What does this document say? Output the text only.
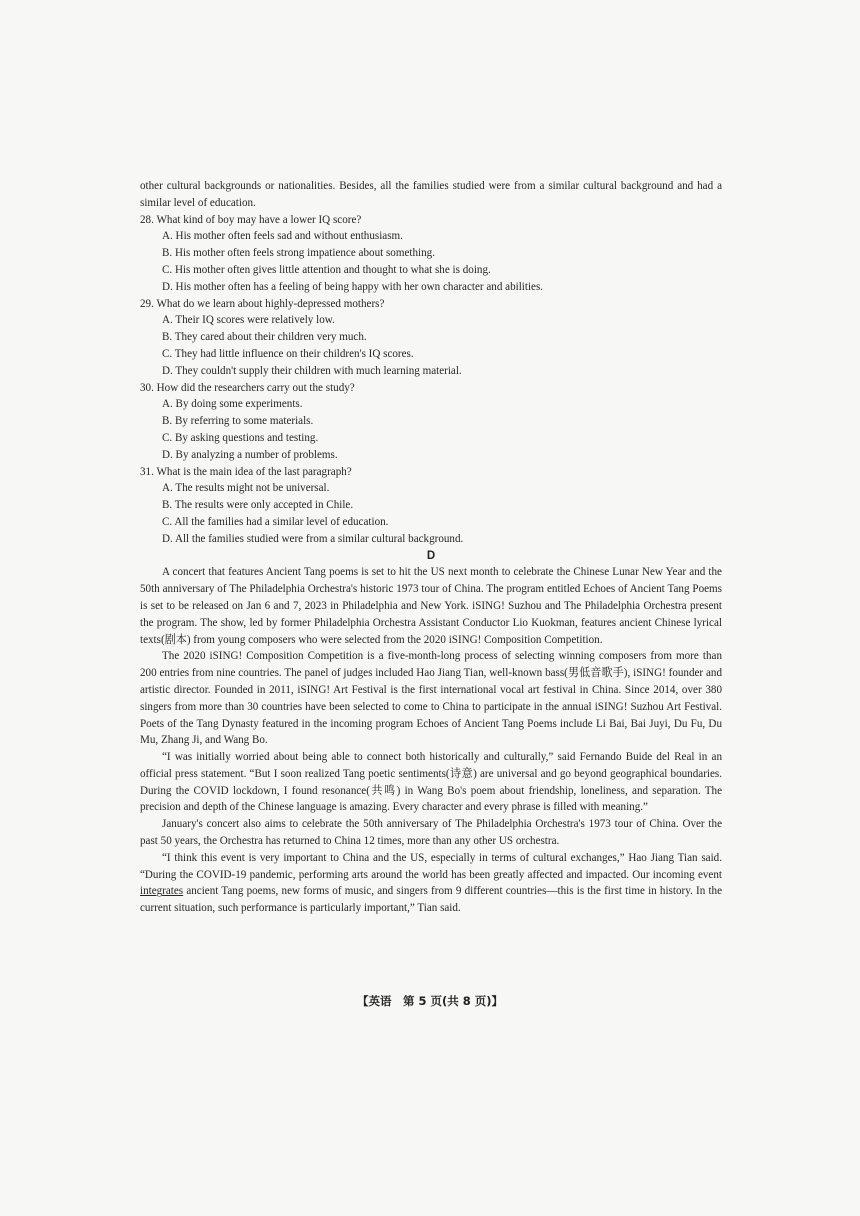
other cultural backgrounds or nationalities. Besides, all the families studied were from a similar cultural background and had a similar level of education.

28. What kind of boy may have a lower IQ score?

A. His mother often feels sad and without enthusiasm.

B. His mother often feels strong impatience about something.

C. His mother often gives little attention and thought to what she is doing.

D. His mother often has a feeling of being happy with her own character and abilities.

29. What do we learn about highly-depressed mothers?

A. Their IQ scores were relatively low.

B. They cared about their children very much.

C. They had little influence on their children's IQ scores.

D. They couldn't supply their children with much learning material.

30. How did the researchers carry out the study?

A. By doing some experiments.

B. By referring to some materials.

C. By asking questions and testing.

D. By analyzing a number of problems.

31. What is the main idea of the last paragraph?

A. The results might not be universal.

B. The results were only accepted in Chile.

C. All the families had a similar level of education.

D. All the families studied were from a similar cultural background.

D

A concert that features Ancient Tang poems is set to hit the US next month to celebrate the Chinese Lunar New Year and the 50th anniversary of The Philadelphia Orchestra's historic 1973 tour of China. The program entitled Echoes of Ancient Tang Poems is set to be released on Jan 6 and 7, 2023 in Philadelphia and New York. iSING! Suzhou and The Philadelphia Orchestra present the program. The show, led by former Philadelphia Orchestra Assistant Conductor Lio Kuokman, features ancient Chinese lyrical texts(剧本) from young composers who were selected from the 2020 iSING! Composition Competition.

The 2020 iSING! Composition Competition is a five-month-long process of selecting winning composers from more than 200 entries from nine countries. The panel of judges included Hao Jiang Tian, well-known bass(男低音歌手), iSING! founder and artistic director. Founded in 2011, iSING! Art Festival is the first international vocal art festival in China. Since 2014, over 380 singers from more than 30 countries have been selected to come to China to participate in the annual iSING! Suzhou Art Festival. Poets of the Tang Dynasty featured in the incoming program Echoes of Ancient Tang Poems include Li Bai, Bai Juyi, Du Fu, Du Mu, Zhang Ji, and Wang Bo.

“I was initially worried about being able to connect both historically and culturally,” said Fernando Buide del Real in an official press statement. “But I soon realized Tang poetic sentiments(诗意) are universal and go beyond geographical boundaries. During the COVID lockdown, I found resonance(共鸣) in Wang Bo's poem about friendship, loneliness, and separation. The precision and depth of the Chinese language is amazing. Every character and every phrase is filled with meaning.”

January's concert also aims to celebrate the 50th anniversary of The Philadelphia Orchestra's 1973 tour of China. Over the past 50 years, the Orchestra has returned to China 12 times, more than any other US orchestra.

“I think this event is very important to China and the US, especially in terms of cultural exchanges,” Hao Jiang Tian said. “During the COVID-19 pandemic, performing arts around the world has been greatly affected and impacted. Our incoming event integrates ancient Tang poems, new forms of music, and singers from 9 different countries—this is the first time in history. In the current situation, such performance is particularly important,” Tian said.

【英语　第 5 页(共 8 页)】
